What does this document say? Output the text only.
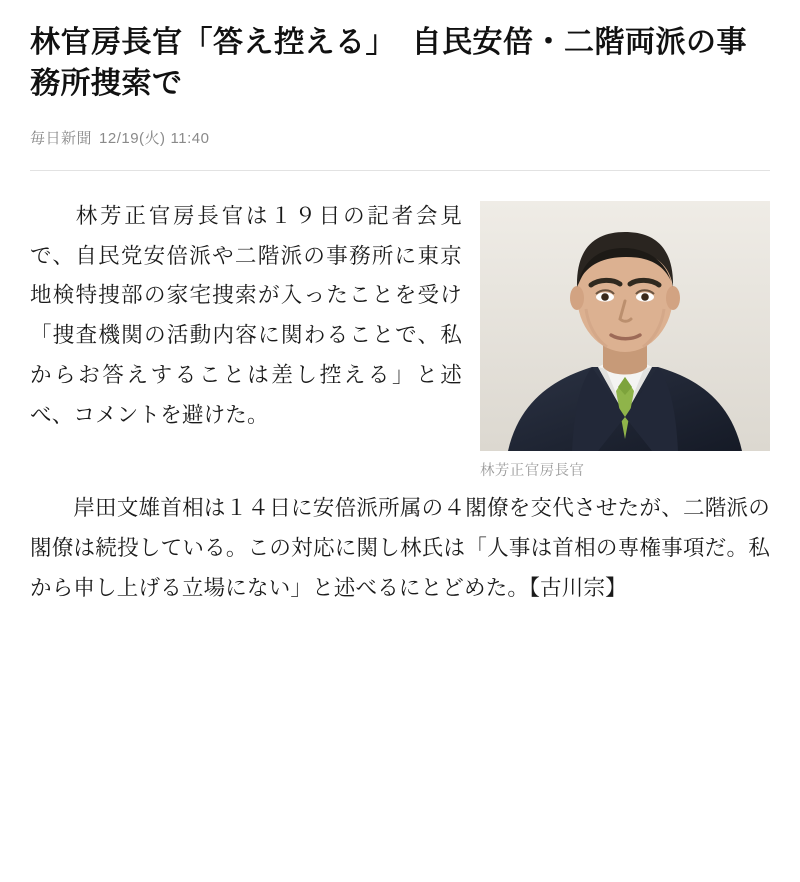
林官房長官「答え控える」　自民安倍・二階両派の事務所捜索で
毎日新聞 12/19(火) 11:40
林芳正官房長官

　林芳正官房長官は１９日の記者会見で、自民党安倍派や二階派の事務所に東京地検特捜部の家宅捜索が入ったことを受け「捜査機関の活動内容に関わることで、私からお答えすることは差し控える」と述べ、コメントを避けた。

　岸田文雄首相は１４日に安倍派所属の４閣僚を交代させたが、二階派の閣僚は続投している。この対応に関し林氏は「人事は首相の専権事項だ。私から申し上げる立場にない」と述べるにとどめた。【古川宗】
